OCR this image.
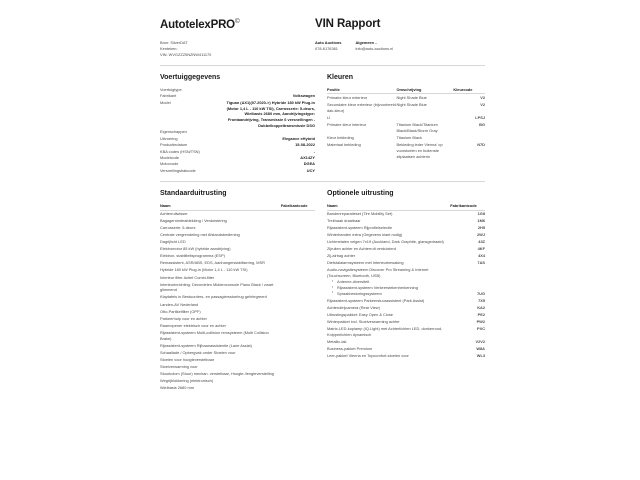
AutotelexPRO©
Bron: SilverDAT
Kenteken:
VIN: WVGZZZ5NZNW411170
VIN Rapport
Auto Auctions
078-6176361
Algemeen ..
info@auto-auctions.nl
Voertuiggegevens
Voertuigtype
Fabrikant	Volkswagen
Model	Tiguan (AX1)(07.2020->) Hybride 180 kW Plug-in (Motor 1,4 L - 110 kW TSI), Carrosserie: 5-deurs, Wielbasis 2680 mm, Aandrijvingstype: Frontaandrijving, Transmissie 6 versnellingen - Dubbelkoppeltransmissie DSG
Eigenschappen
Uitvoering	Elegance eHybrid
Productiedatum	15-08-2022
KBA codes (HSN/TSN)	-
Modelcode	AX14ZY
Motorcode	DGEA
Versnellingsbakcode	UCY
Kleuren
Positie	Omschrijving	Kleurcode
Primaire kleur exterieur	Night Shade Blue	V2
Secundaire kleur exterieur (bijvoorbeeld dak-kleur)	Night Shade Blue	V2
LI		LPSJ
Primaire kleur interieur	Titanium Black/Titanium Black/Black/Storm Gray	BG
Kleur bekleding	Titanium Black	
Materiaal bekleding	Bekleding leder Vienna' op voorstoelen en buitenste zitplaatsen achterin	N7D
Standaarduitrusting
Naam	Fabrikantcode
Achterruitwisser	
Bagageruimteafdekking / Verduistering	
Carrosserie: 5-deurs	
Centrale vergrendeling met Afstandsbediening	
Dagrijlicht LED	
Elektromotor 85 kW (hybride aandrijving)	
Elektron. stabiliteitsprogramma (ESP)	
Remassistent, ASR/ABS, EDS, Aanhangerstabilisering, MSR	
Hybride 180 kW Plug-in (Motor 1,4 L - 110 kW TSI)	
Interieur filter Actief Combi-filter	
Interieurinrichting: Decordelen Middenconsole Piano Black / zwart glimmend	
Klaptafels in Bestuurders- en passagiersstoelrug geïntegreerd	
Landen-AV Nederland	
Otto-Partikelfilter (OPF)	
Parkeerhulp voor en achter	
Raamopener elektrisch voor en achter	
Rijassistent-systeem Multi-collision remsysteem (Multi Collision Brake)	
Rijassistent-systeem Rijbaanassistentie (Lane Assist)	
Schaallade / Opbergvak onder Stoelen voor	
Stoelen voor hoogteverstelbaar	
Stoelverwarming voor	
Stuurkolom (Stuur) mechan. verstelbaar, Hoogte-/lengteverstelling	
Wegrijblokkering (elektronisch)	
Wielbasis 2680 mm	
Optionele uitrusting
Naam	Fabrikantcode
Bandenreparatieset (Tire Mobility Set)	1G8
Trekhaak draaibaar	1M6
Rijassistent-systeem Rijprofielselectie	2H5
Winterbanden extra (Gegevens klant nodig)	2WJ
Lichtmetalen velgen 7x19 (Auckland, Dark Graphite, glansgedraaid)	43Z
Zijruiten achter en Achterruit verduisterd	4KF
Zij-airbag achter	4X4
Diefstalalarmsysteem met Interieurbewaking	7AS
Audio-navigatiesysteem Discover Pro Streaming & Internet (Touchscreen, Bluetooth, USB)
▪ Antenne-diversiteit
▪ Rijassistent-systeem Verkeerstekenherkenning
▪ Spraakbesturingssysteem	7UG
Rijassistent-systeem Parkeerstuurassistent (Park Assist)	7X5
Achteruitrijcamera (Rear View)	KA2
Uitrustingspakket: Easy Open & Close	PE2
Winterpakket incl. Stoelverwarming achter	PW2
Matrix-LED-koplamp (IQ.Light) met Achterlichten LED, donkerrood, Knipperlichten dynamisch	PXC
Metallic-lak	V2V2
Business-pakket Premium	W8A
Leer-pakket Vienna en Topcomfort-stoelen voor	WL3
